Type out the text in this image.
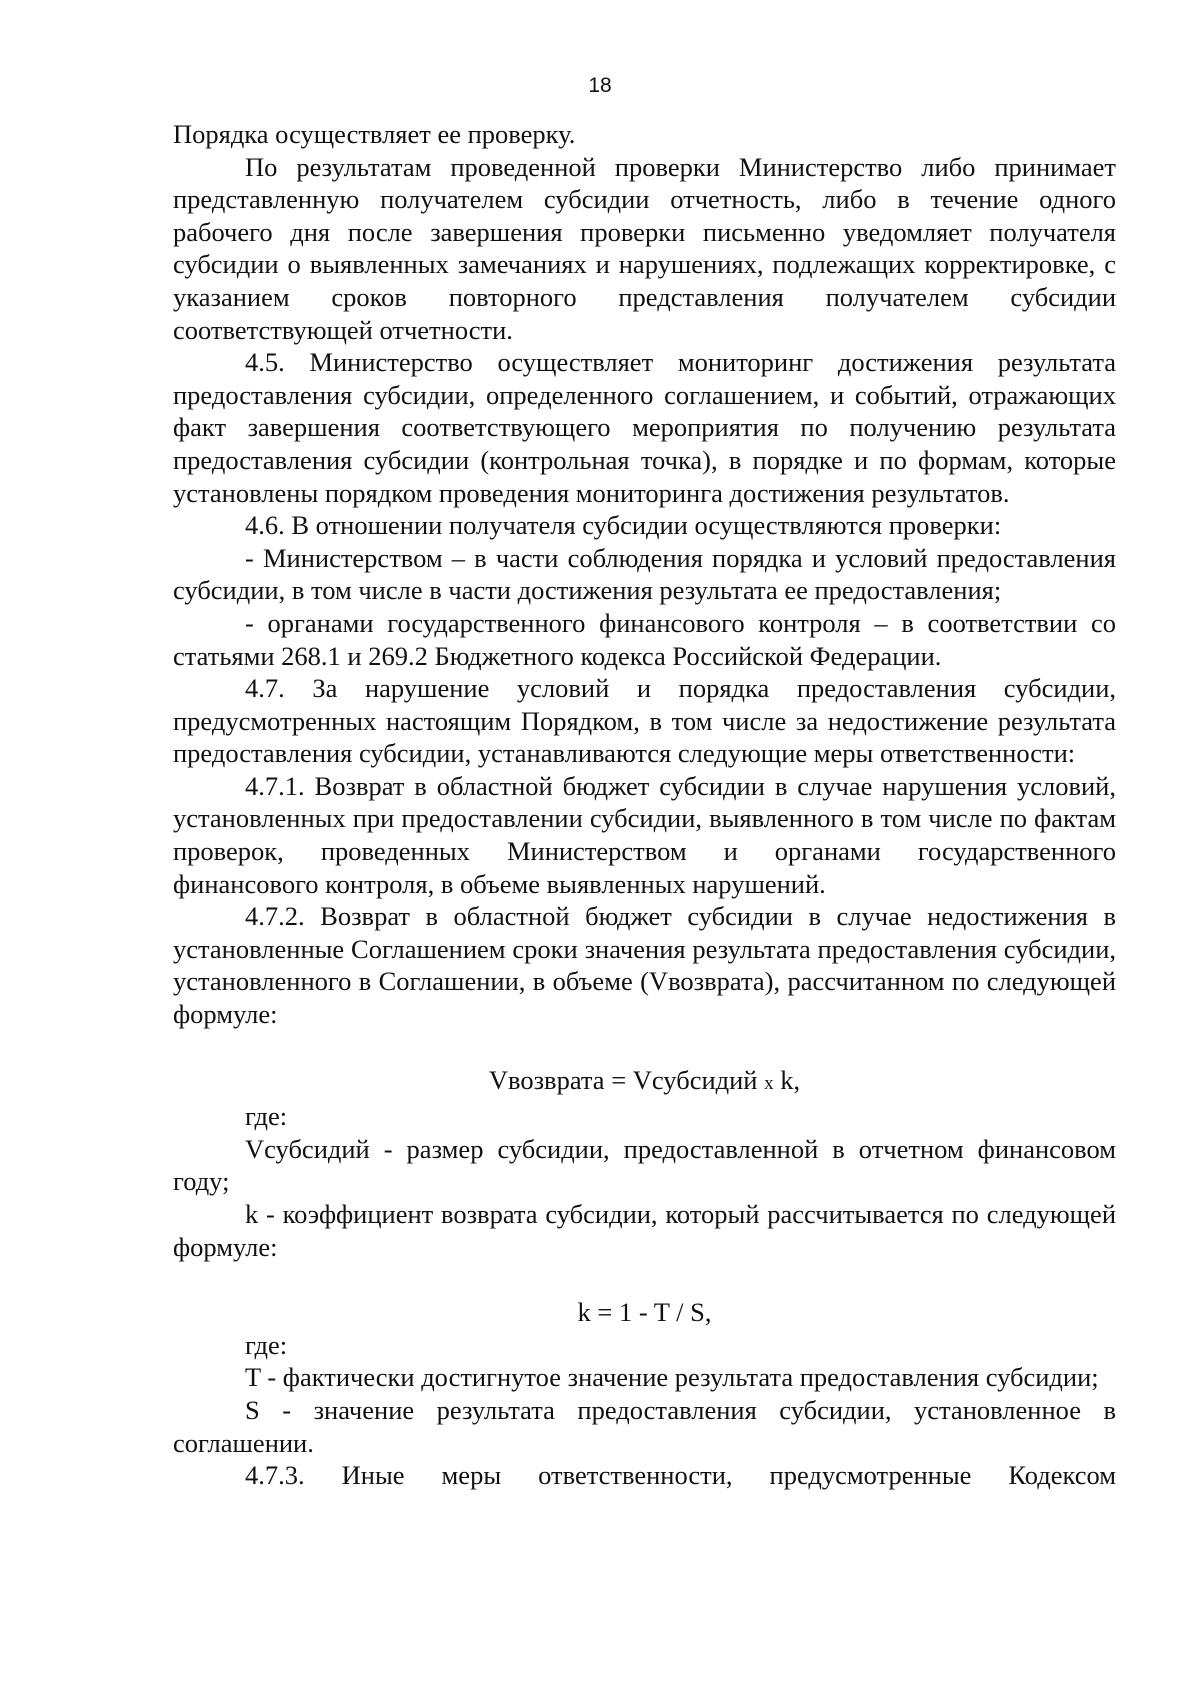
18

Порядка осуществляет ее проверку.

По результатам проведенной проверки Министерство либо принимает представленную получателем субсидии отчетность, либо в течение одного рабочего дня после завершения проверки письменно уведомляет получателя субсидии о выявленных замечаниях и нарушениях, подлежащих корректировке, с указанием сроков повторного представления получателем субсидии соответствующей отчетности.

4.5. Министерство осуществляет мониторинг достижения результата предоставления субсидии, определенного соглашением, и событий, отражающих факт завершения соответствующего мероприятия по получению результата предоставления субсидии (контрольная точка), в порядке и по формам, которые установлены порядком проведения мониторинга достижения результатов.

4.6. В отношении получателя субсидии осуществляются проверки:

- Министерством – в части соблюдения порядка и условий предоставления субсидии, в том числе в части достижения результата ее предоставления;

- органами государственного финансового контроля – в соответствии со статьями 268.1 и 269.2 Бюджетного кодекса Российской Федерации.

4.7. За нарушение условий и порядка предоставления субсидии, предусмотренных настоящим Порядком, в том числе за недостижение результата предоставления субсидии, устанавливаются следующие меры ответственности:

4.7.1. Возврат в областной бюджет субсидии в случае нарушения условий, установленных при предоставлении субсидии, выявленного в том числе по фактам проверок, проведенных Министерством и органами государственного финансового контроля, в объеме выявленных нарушений.

4.7.2. Возврат в областной бюджет субсидии в случае недостижения в установленные Соглашением сроки значения результата предоставления субсидии, установленного в Соглашении, в объеме (Vвозврата), рассчитанном по следующей формуле:

Vвозврата = Vсубсидий х k,

где:

Vсубсидий - размер субсидии, предоставленной в отчетном финансовом году;

k - коэффициент возврата субсидии, который рассчитывается по следующей формуле:

k = 1 - T / S,

где:

T - фактически достигнутое значение результата предоставления субсидии;

S - значение результата предоставления субсидии, установленное в соглашении.

4.7.3. Иные меры ответственности, предусмотренные Кодексом
